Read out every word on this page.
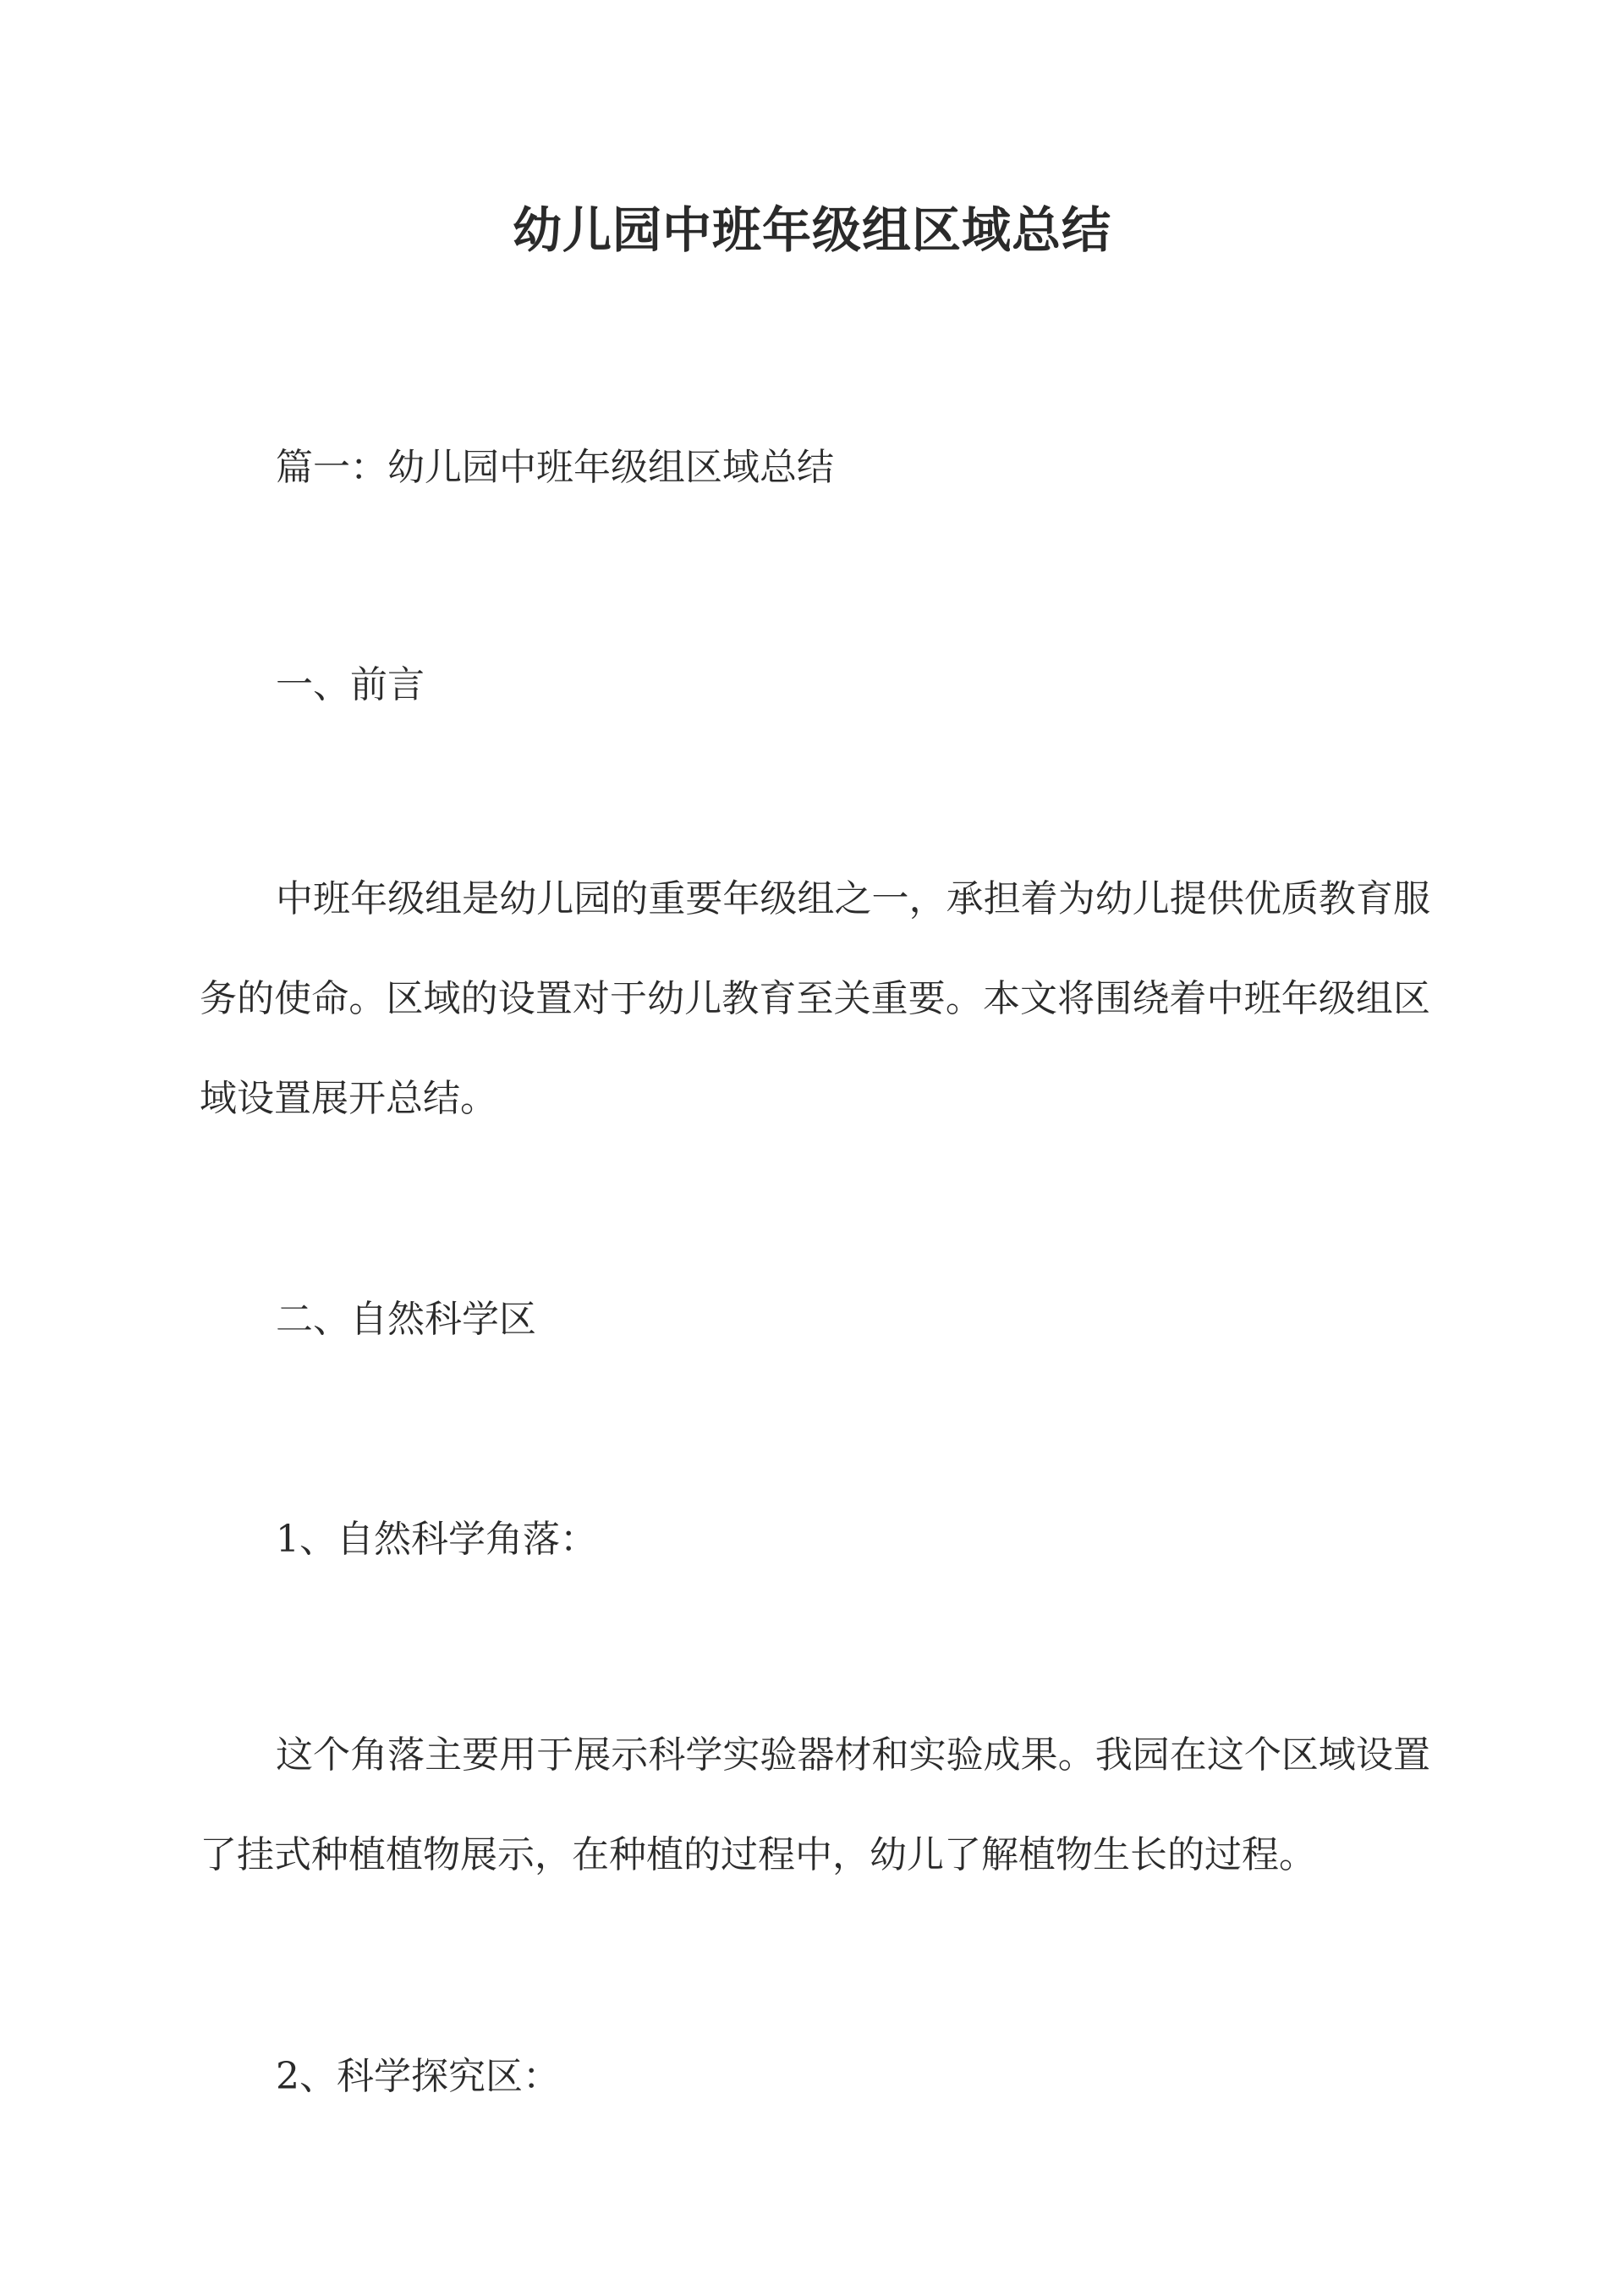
幼儿园中班年级组区域总结

篇一：幼儿园中班年级组区域总结

一、前言

中班年级组是幼儿园的重要年级组之一，承担着为幼儿提供优质教育服务的使命。区域的设置对于幼儿教育至关重要。本文将围绕着中班年级组区域设置展开总结。

二、自然科学区

1、自然科学角落：

这个角落主要用于展示科学实验器材和实验成果。我园在这个区域设置了挂式种植植物展示，在种植的过程中，幼儿了解植物生长的过程。

2、科学探究区：
